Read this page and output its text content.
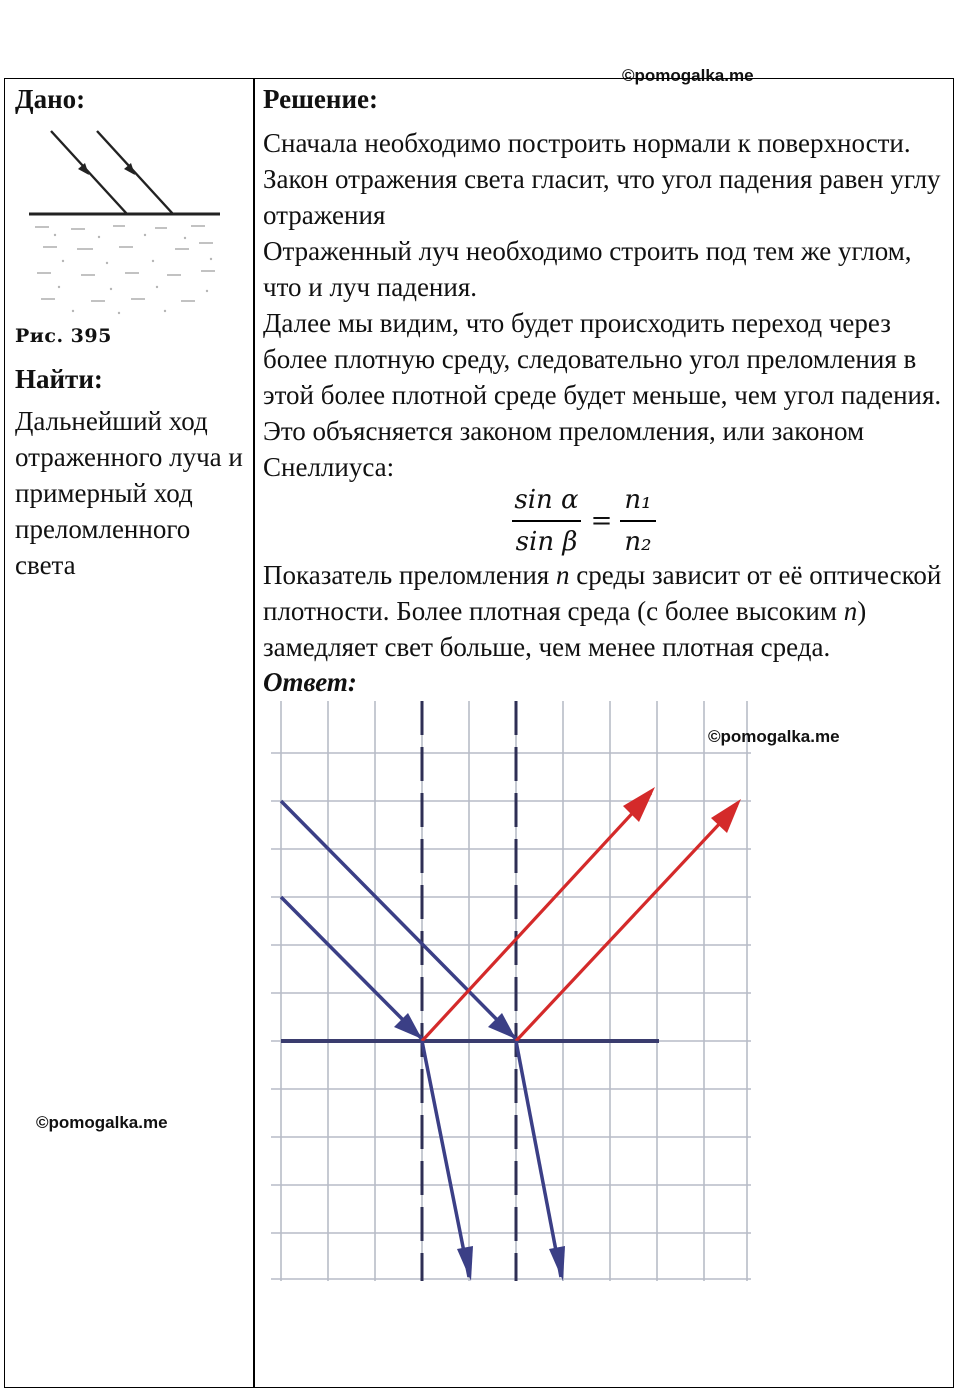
©pomogalka.me
Дано:
Рис. 395
Найти:
Дальнейший ход отраженного луча и примерный ход преломленного света
Решение:

Сначала необходимо построить нормали к поверхности.

Закон отражения света гласит, что угол падения равен углу отражения

Отраженный луч необходимо строить под тем же углом, что и луч падения.

Далее мы видим, что будет происходить переход через более плотную среду, следовательно угол преломления в этой более плотной среде будет меньше, чем угол падения. Это объясняется законом преломления, или законом Снеллиуса:

$\frac{\text{sin α}}{\text{sin β}} = \frac{\text{n₁}}{\text{n₂}}$

Показатель преломления n среды зависит от её оптической плотности. Более плотная среда (с более высоким n) замедляет свет больше, чем менее плотная среда.

Ответ:
©pomogalka.me
©pomogalka.me
